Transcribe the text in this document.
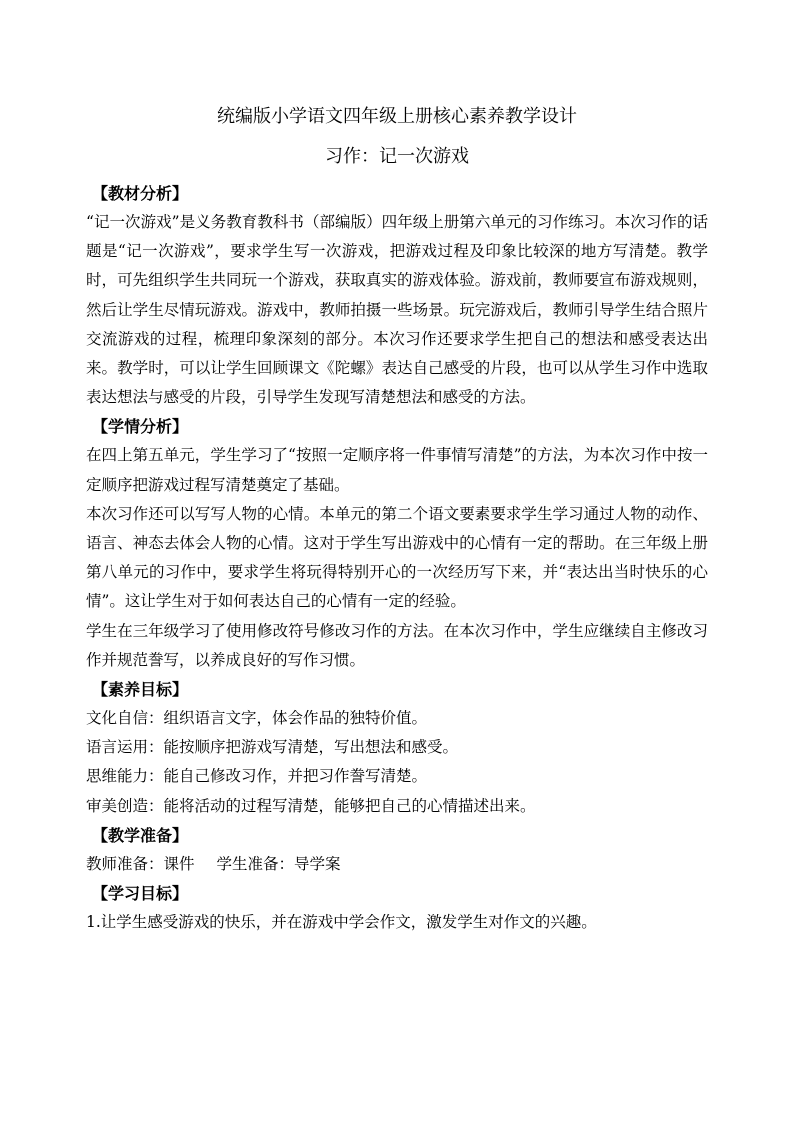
统编版小学语文四年级上册核心素养教学设计
习作：记一次游戏
【教材分析】

“记一次游戏”是义务教育教科书（部编版）四年级上册第六单元的习作练习。本次习作的话题是“记一次游戏”，要求学生写一次游戏，把游戏过程及印象比较深的地方写清楚。教学时，可先组织学生共同玩一个游戏，获取真实的游戏体验。游戏前，教师要宣布游戏规则，然后让学生尽情玩游戏。游戏中，教师拍摄一些场景。玩完游戏后，教师引导学生结合照片交流游戏的过程，梳理印象深刻的部分。本次习作还要求学生把自己的想法和感受表达出来。教学时，可以让学生回顾课文《陀螺》表达自己感受的片段，也可以从学生习作中选取表达想法与感受的片段，引导学生发现写清楚想法和感受的方法。

【学情分析】

在四上第五单元，学生学习了“按照一定顺序将一件事情写清楚”的方法，为本次习作中按一定顺序把游戏过程写清楚奠定了基础。

本次习作还可以写写人物的心情。本单元的第二个语文要素要求学生学习通过人物的动作、语言、神态去体会人物的心情。这对于学生写出游戏中的心情有一定的帮助。在三年级上册第八单元的习作中，要求学生将玩得特别开心的一次经历写下来，并“表达出当时快乐的心情”。这让学生对于如何表达自己的心情有一定的经验。

学生在三年级学习了使用修改符号修改习作的方法。在本次习作中，学生应继续自主修改习作并规范誊写，以养成良好的写作习惯。

【素养目标】

文化自信：组织语言文字，体会作品的独特价值。

语言运用：能按顺序把游戏写清楚，写出想法和感受。

思维能力：能自己修改习作，并把习作誊写清楚。

审美创造：能将活动的过程写清楚，能够把自己的心情描述出来。

【教学准备】

教师准备：课件 学生准备：导学案

【学习目标】

1.让学生感受游戏的快乐，并在游戏中学会作文，激发学生对作文的兴趣。
